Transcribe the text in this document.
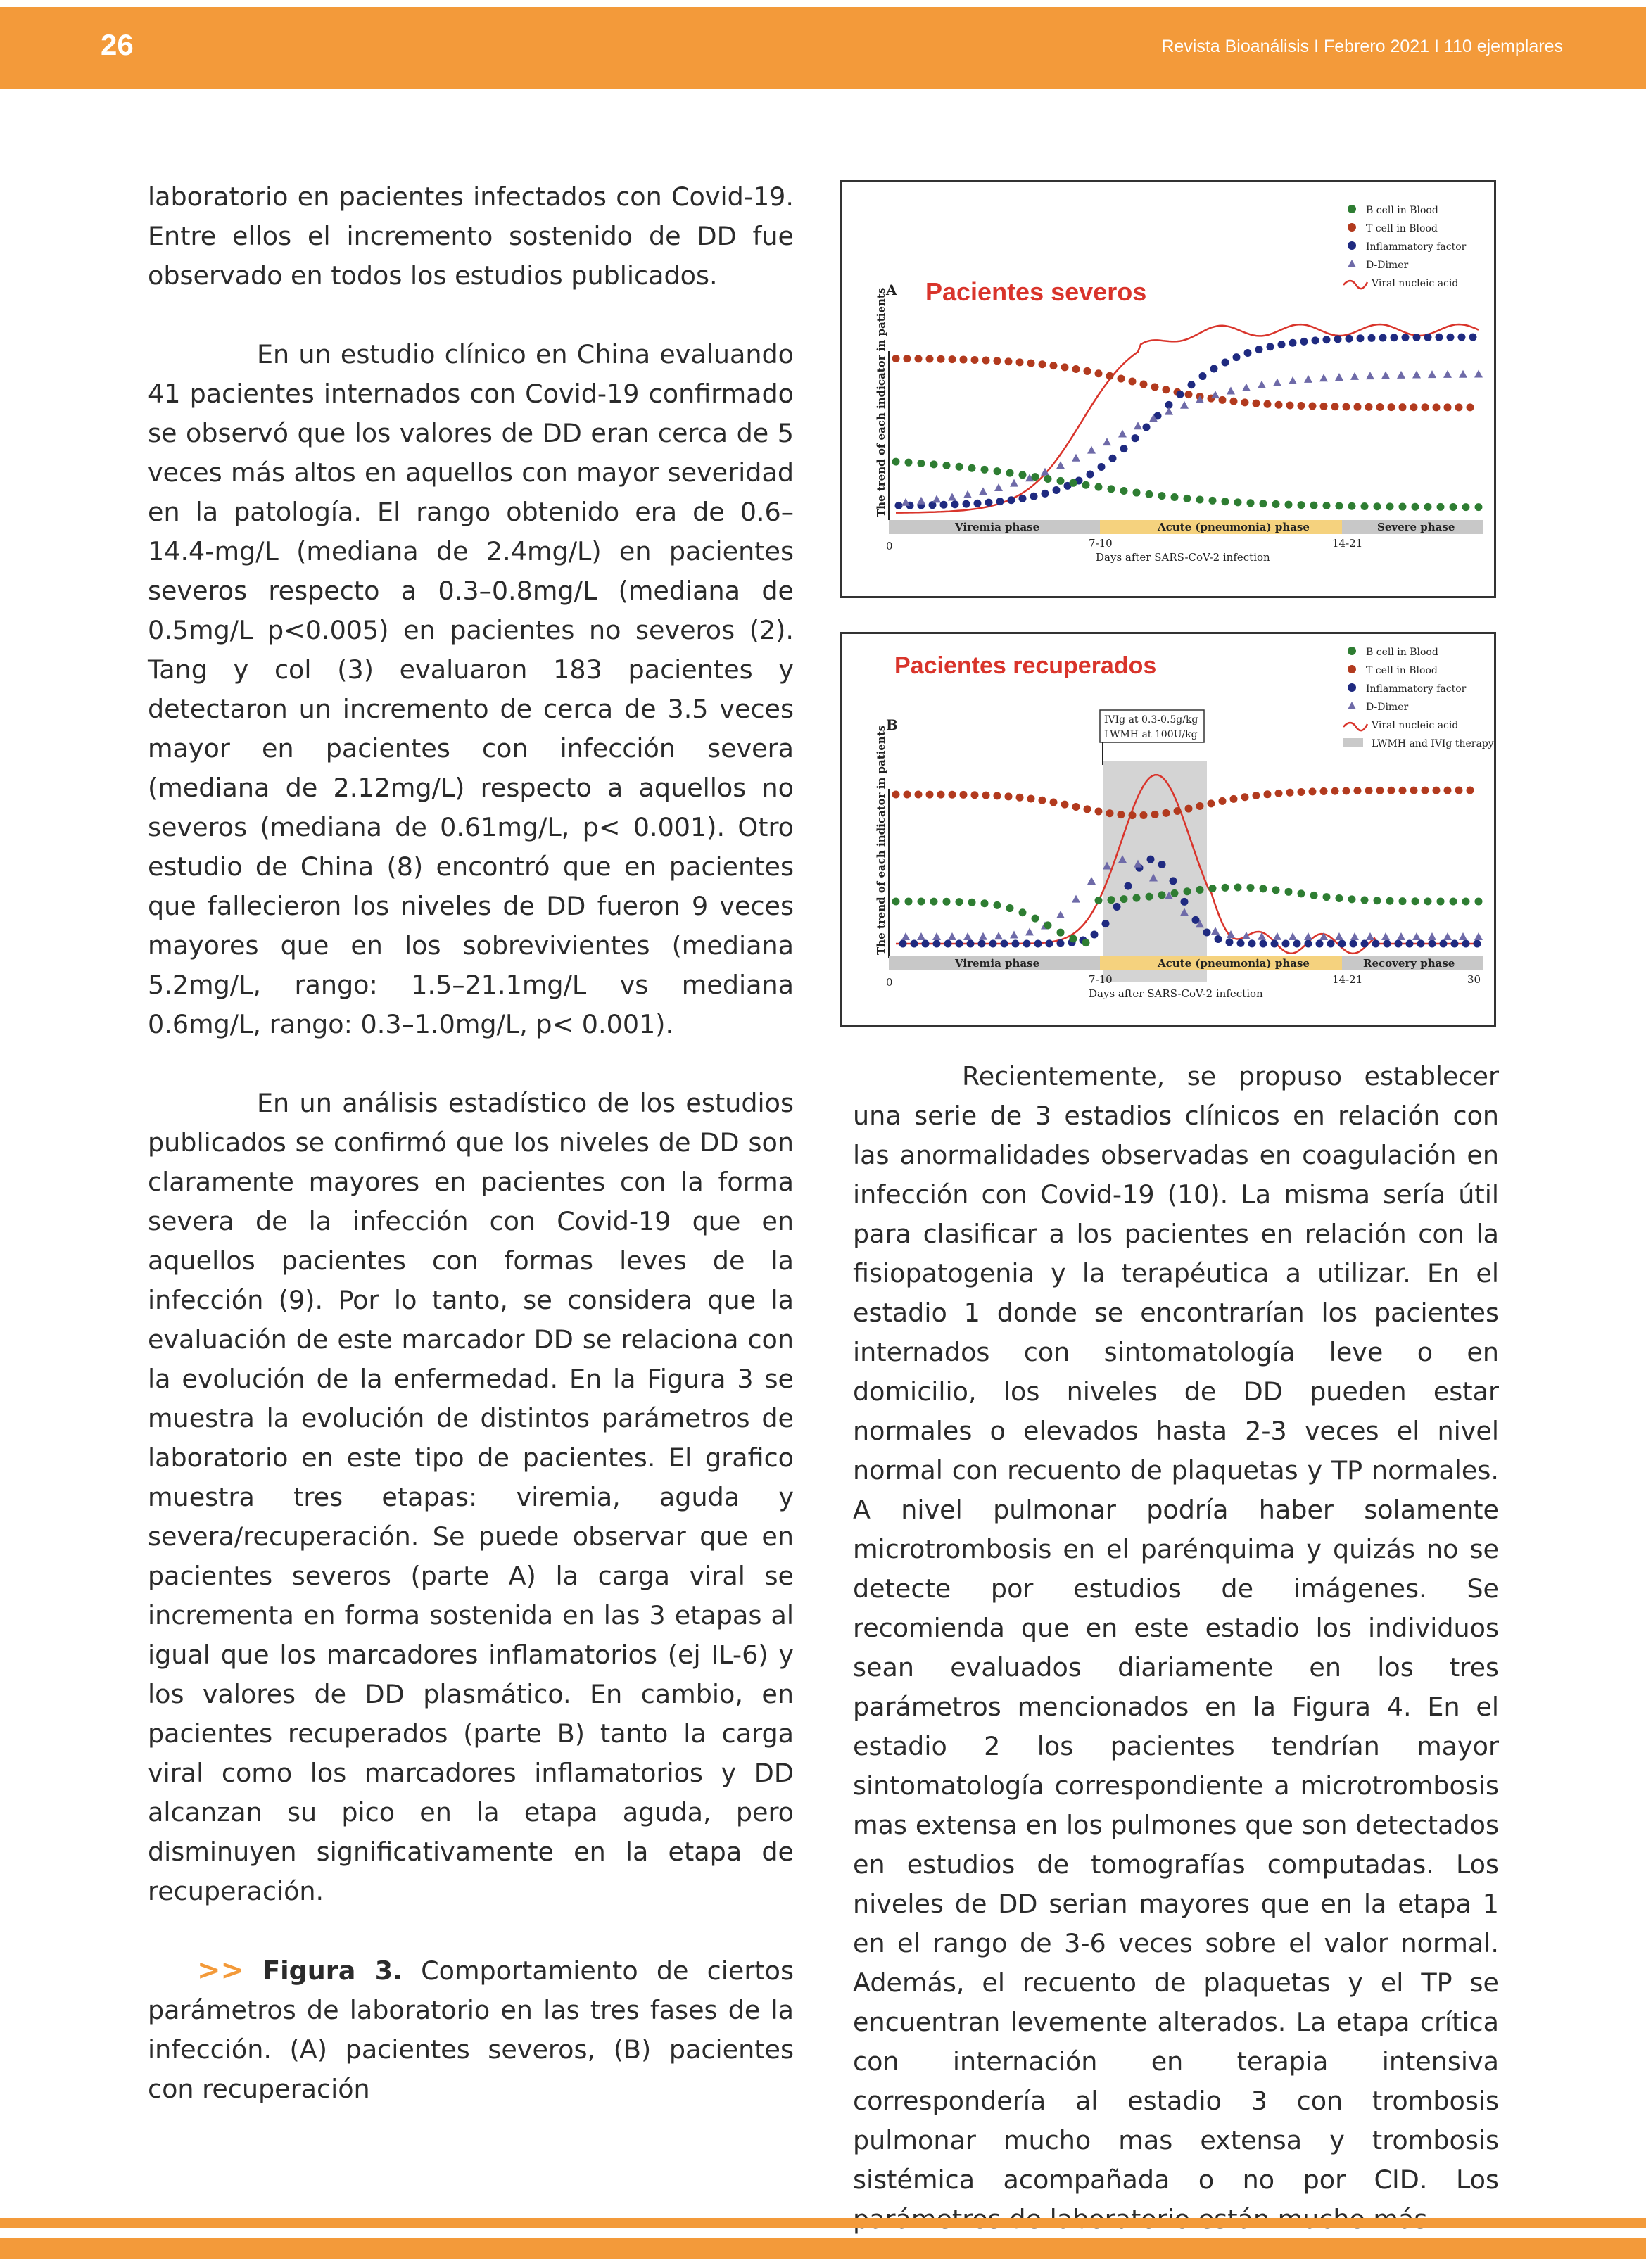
26	Revista Bioanálisis I Febrero 2021 I 110 ejemplares

laboratorio en pacientes infectados con Covid-19. Entre ellos el incremento sostenido de DD fue observado en todos los estudios publicados.

En un estudio clínico en China evaluando 41 pacientes internados con Covid-19 confirmado se observó que los valores de DD eran cerca de 5 veces más altos en aquellos con mayor severidad en la patología. El rango obtenido era de 0.6–14.4-mg/L (mediana de 2.4mg/L) en pacientes severos respecto a 0.3–0.8mg/L (mediana de 0.5mg/L p<0.005) en pacientes no severos (2). Tang y col (3) evaluaron 183 pacientes y detectaron un incremento de cerca de 3.5 veces mayor en pacientes con infección severa (mediana de 2.12mg/L) respecto a aquellos no severos (mediana de 0.61mg/L, p< 0.001). Otro estudio de China (8) encontró que en pacientes que fallecieron los niveles de DD fueron 9 veces mayores que en los sobrevivientes (mediana 5.2mg/L, rango: 1.5–21.1mg/L vs mediana 0.6mg/L, rango: 0.3–1.0mg/L, p< 0.001).

En un análisis estadístico de los estudios publicados se confirmó que los niveles de DD son claramente mayores en pacientes con la forma severa de la infección con Covid-19 que en aquellos pacientes con formas leves de la infección (9). Por lo tanto, se considera que la evaluación de este marcador DD se relaciona con la evolución de la enfermedad. En la Figura 3 se muestra la evolución de distintos parámetros de laboratorio en este tipo de pacientes. El grafico muestra tres etapas: viremia, aguda y severa/recuperación. Se puede observar que en pacientes severos (parte A) la carga viral se incrementa en forma sostenida en las 3 etapas al igual que los marcadores inflamatorios (ej IL-6) y los valores de DD plasmático. En cambio, en pacientes recuperados (parte B) tanto la carga viral como los marcadores inflamatorios y DD alcanzan su pico en la etapa aguda, pero disminuyen significativamente en la etapa de recuperación.

>> Figura 3. Comportamiento de ciertos parámetros de laboratorio en las tres fases de la infección. (A) pacientes severos, (B) pacientes con recuperación

Recientemente, se propuso establecer una serie de 3 estadios clínicos en relación con las anormalidades observadas en coagulación en infección con Covid-19 (10). La misma sería útil para clasificar a los pacientes en relación con la fisiopatogenia y la terapéutica a utilizar. En el estadio 1 donde se encontrarían los pacientes internados con sintomatología leve o en domicilio, los niveles de DD pueden estar normales o elevados hasta 2-3 veces el nivel normal con recuento de plaquetas y TP normales. A nivel pulmonar podría haber solamente microtrombosis en el parénquima y quizás no se detecte por estudios de imágenes. Se recomienda que en este estadio los individuos sean evaluados diariamente en los tres parámetros mencionados en la Figura 4. En el estadio 2 los pacientes tendrían mayor sintomatología correspondiente a microtrombosis mas extensa en los pulmones que son detectados en estudios de tomografías computadas. Los niveles de DD serian mayores que en la etapa 1 en el rango de 3-6 veces sobre el valor normal. Además, el recuento de plaquetas y el TP se encuentran levemente alterados. La etapa crítica con internación en terapia intensiva correspondería al estadio 3 con trombosis pulmonar mucho mas extensa y trombosis sistémica acompañada o no por CID. Los

B cell in Blood
T cell in Blood
Inflammatory factor
D-Dimer
Viral nucleic acid
A Pacientes severos
The trend of each indicator in patients
Viremia phase	Acute (pneumonia) phase	Severe phase
0	7-10	14-21
Days after SARS-CoV-2 infection
B cell in Blood
T cell in Blood
Inflammatory factor
D-Dimer
Viral nucleic acid
LWMH and IVIg therapy
Pacientes recuperados
B	IVIg at 0.3-0.5g/kg
LWMH at 100U/kg
The trend of each indicator in patients
Viremia phase	Acute (pneumonia) phase	Recovery phase
0	7-10	14-21	30
Days after SARS-CoV-2 infection
